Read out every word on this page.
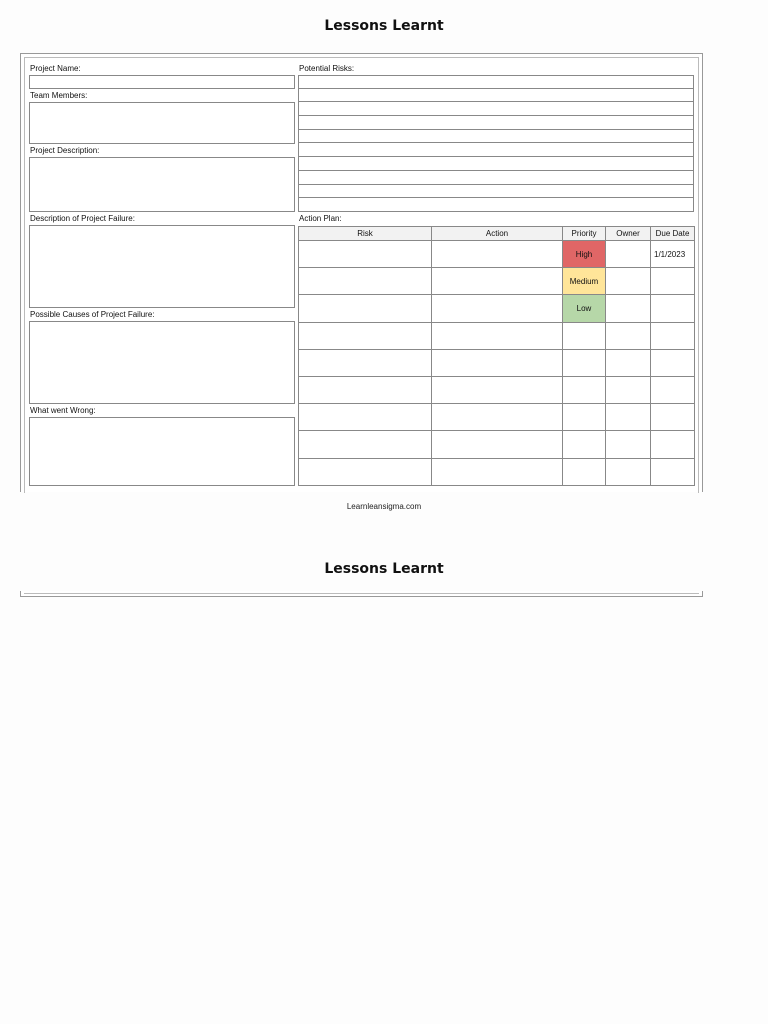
Lessons Learnt
Project Name:
Team Members:
Project Description:
Description of Project Failure:
Possible Causes of Project Failure:
What went Wrong:
Potential Risks:
Action Plan:
Risk	Action	Priority	Owner	Due Date
		High		1/1/2023
		Medium		
		Low		

Learnleansigma.com
Lessons Learnt
